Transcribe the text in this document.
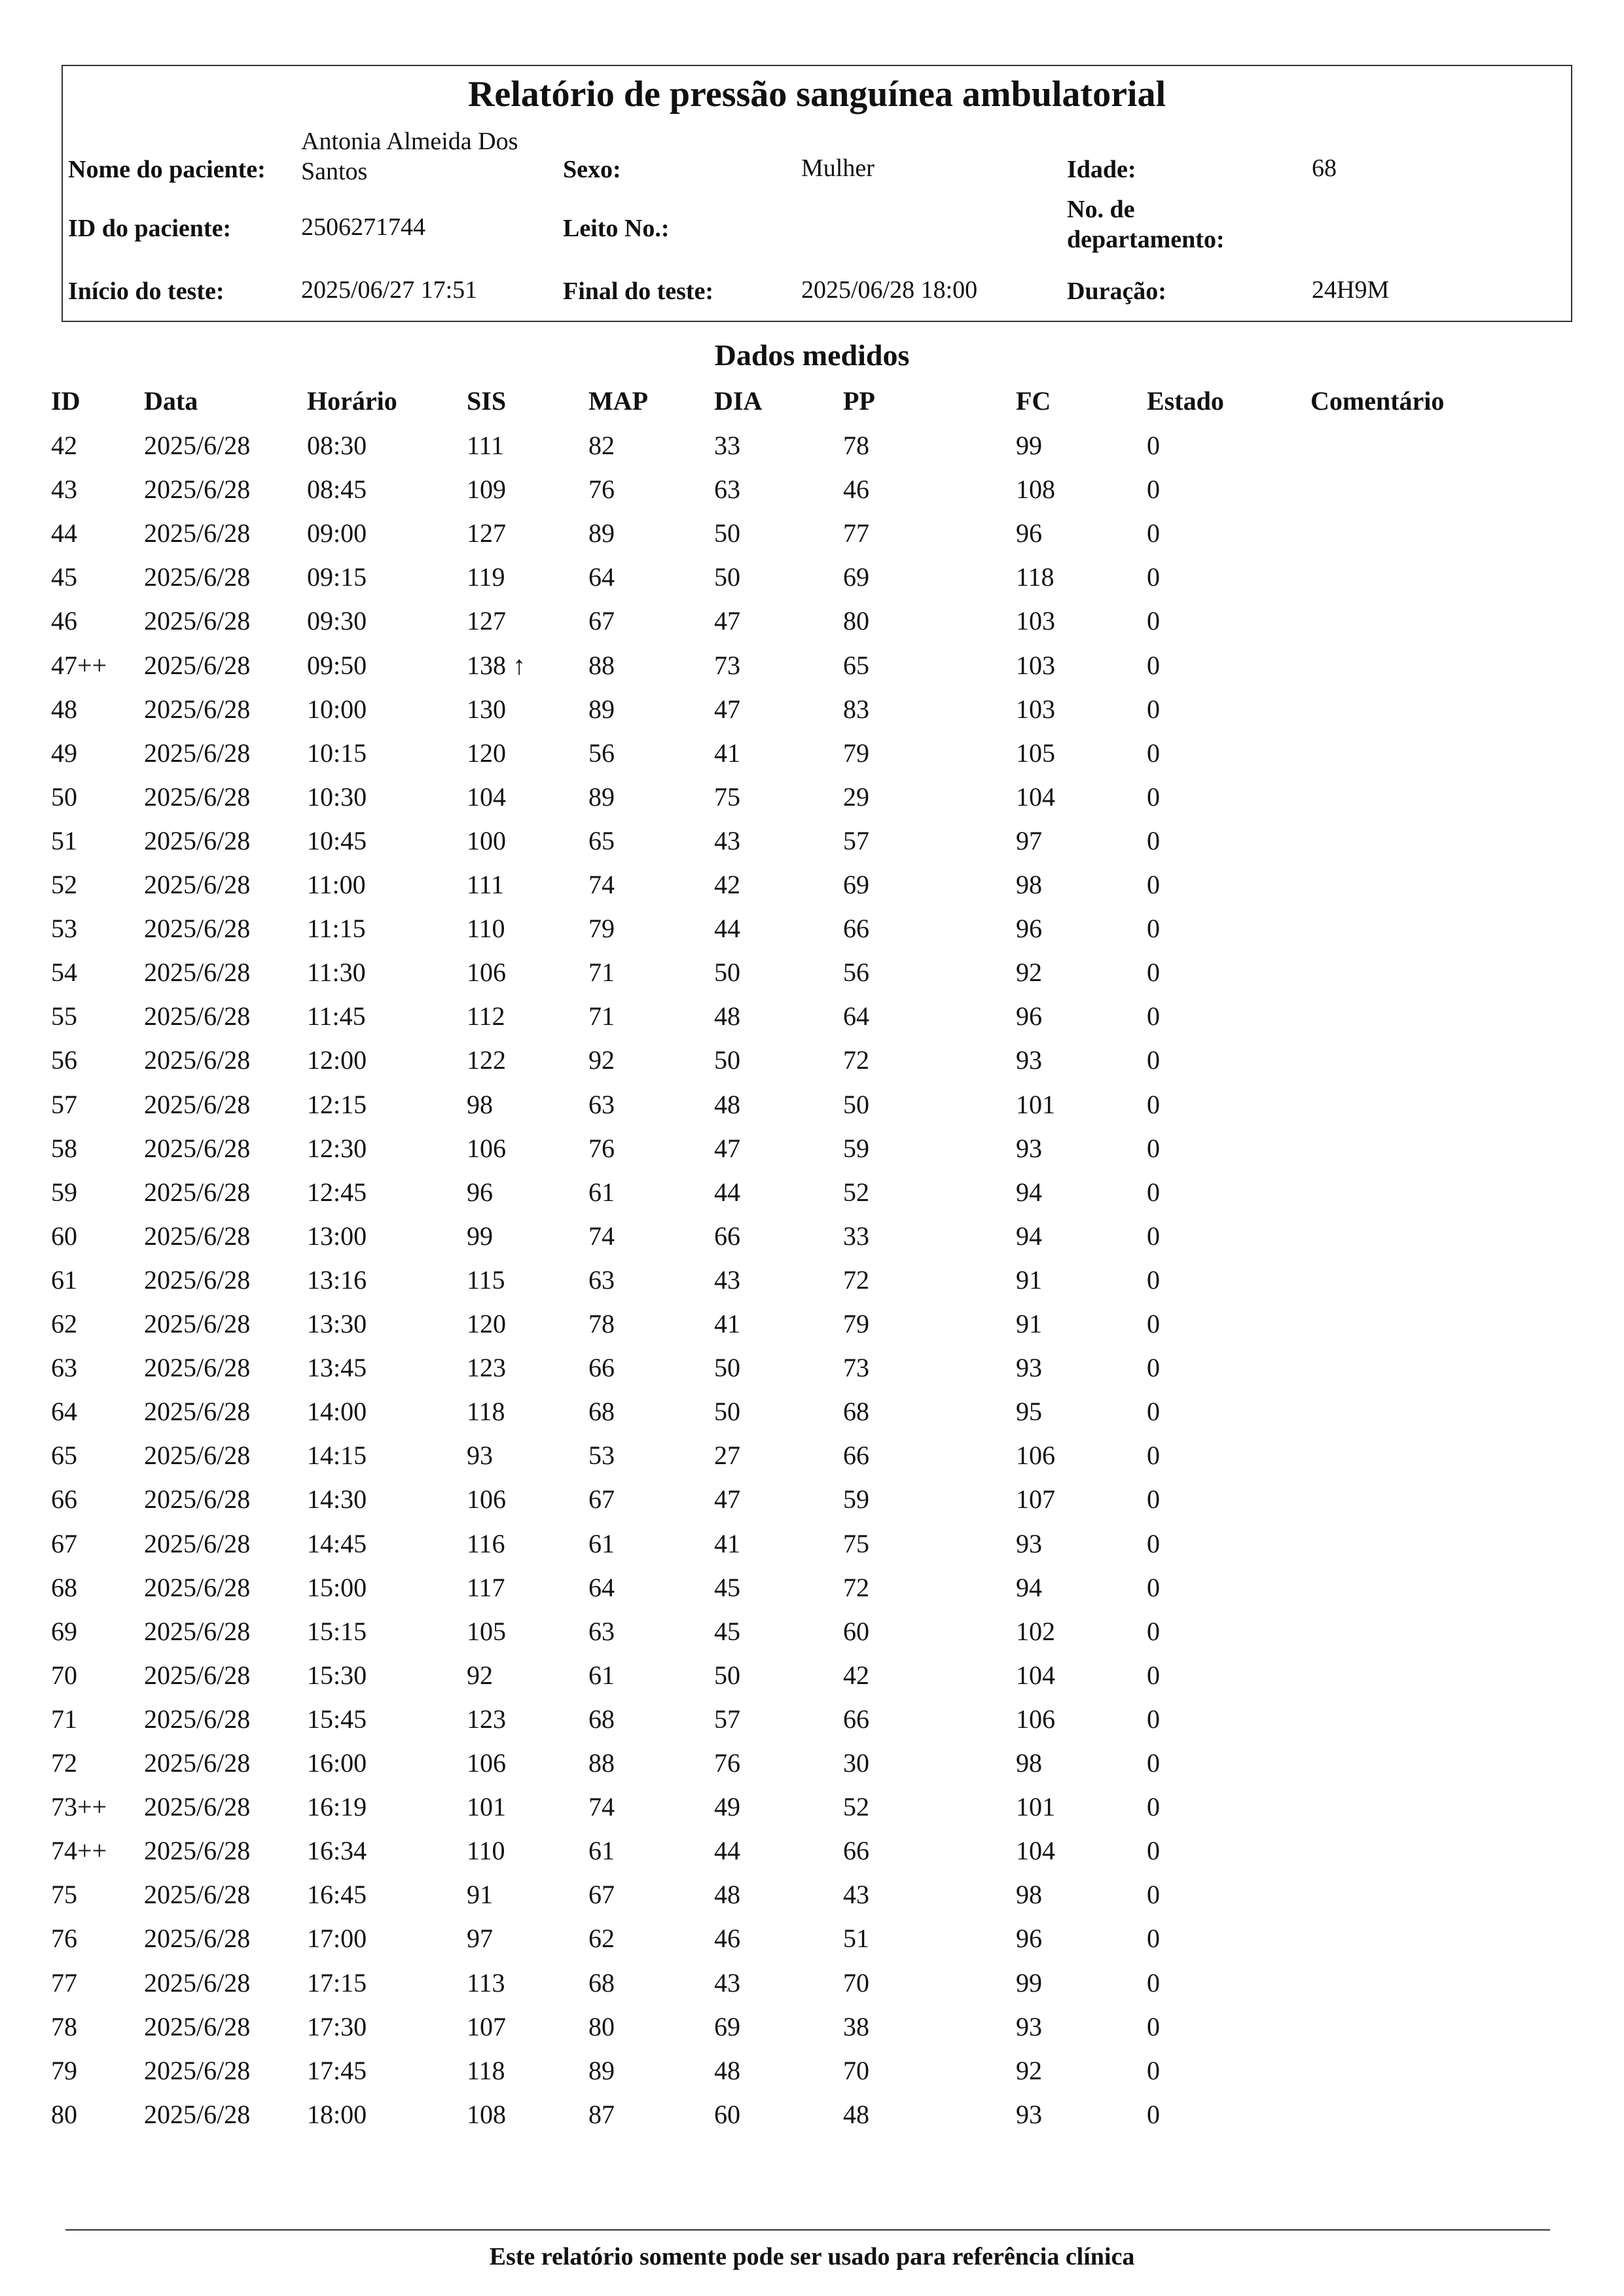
Relatório de pressão sanguínea ambulatorial
Nome do paciente:
Antonia Almeida Dos
Santos	Sexo:	Mulher	Idade:	68
ID do paciente:	2506271744	Leito No.:
No. de
departamento:
Início do teste:	2025/06/27 17:51	Final do teste:	2025/06/28 18:00	Duração:	24H9M
Dados medidos
ID Data	Horário	SIS	MAP	DIA	PP	FC	Estado	Comentário
42	2025/6/28 08:30	111	82	33	78	99	0
43	2025/6/28 08:45	109	76	63	46	108	0
44	2025/6/28 09:00	127	89	50	77	96	0
45	2025/6/28 09:15	119	64	50	69	118	0
46	2025/6/28 09:30	127	67	47	80	103	0
47++ 2025/6/28 09:50	138 ↑ 88	73	65	103	0
48	2025/6/28 10:00	130	89	47	83	103	0
49	2025/6/28 10:15	120	56	41	79	105	0
50	2025/6/28 10:30	104	89	75	29	104	0
51	2025/6/28 10:45	100	65	43	57	97	0
52	2025/6/28 11:00	111	74	42	69	98	0
53	2025/6/28 11:15	110	79	44	66	96	0
54	2025/6/28 11:30	106	71	50	56	92	0
55	2025/6/28 11:45	112	71	48	64	96	0
56	2025/6/28 12:00	122	92	50	72	93	0
57	2025/6/28 12:15	98	63	48	50	101	0
58	2025/6/28 12:30	106	76	47	59	93	0
59	2025/6/28 12:45	96	61	44	52	94	0
60	2025/6/28 13:00	99	74	66	33	94	0
61	2025/6/28 13:16	115	63	43	72	91	0
62	2025/6/28 13:30	120	78	41	79	91	0
63	2025/6/28 13:45	123	66	50	73	93	0
64	2025/6/28 14:00	118	68	50	68	95	0
65	2025/6/28 14:15	93	53	27	66	106	0
66	2025/6/28 14:30	106	67	47	59	107	0
67	2025/6/28 14:45	116	61	41	75	93	0
68	2025/6/28 15:00	117	64	45	72	94	0
69	2025/6/28 15:15	105	63	45	60	102	0
70	2025/6/28 15:30	92	61	50	42	104	0
71	2025/6/28 15:45	123	68	57	66	106	0
72	2025/6/28 16:00	106	88	76	30	98	0
73++ 2025/6/28 16:19	101	74	49	52	101	0
74++ 2025/6/28 16:34	110	61	44	66	104	0
75	2025/6/28 16:45	91	67	48	43	98	0
76	2025/6/28 17:00	97	62	46	51	96	0
77	2025/6/28 17:15	113	68	43	70	99	0
78	2025/6/28 17:30	107	80	69	38	93	0
79	2025/6/28 17:45	118	89	48	70	92	0
80	2025/6/28 18:00	108	87	60	48	93	0
Este relatório somente pode ser usado para referência clínica
